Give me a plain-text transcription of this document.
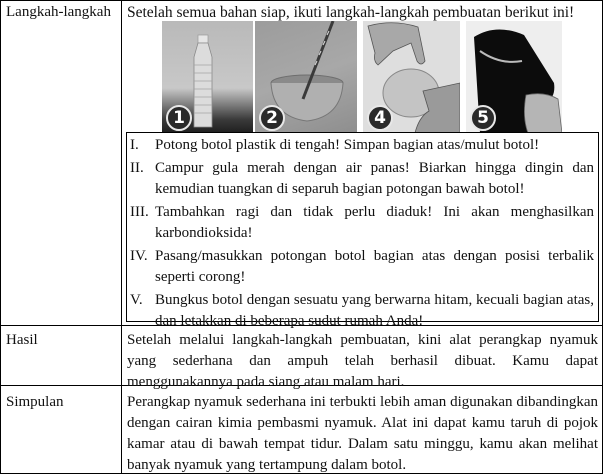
Langkah-langkah Setelah semua bahan siap, ikuti langkah-langkah pembuatan berikut ini!
1	2	4	5
I.	Potong botol plastik di tengah! Simpan bagian atas/mulut botol!
II. Campur gula merah dengan air panas! Biarkan hingga dingin dan kemudian tuangkan di separuh bagian potongan bawah botol!
III. Tambahkan ragi dan tidak perlu diaduk! Ini akan menghasilkan karbondioksida!
IV. Pasang/masukkan potongan botol bagian atas dengan posisi terbalik seperti corong!
V. Bungkus botol dengan sesuatu yang berwarna hitam, kecuali bagian atas, dan letakkan di beberapa sudut rumah Anda!
Hasil	Setelah melalui langkah-langkah pembuatan, kini alat perangkap nyamuk yang sederhana dan ampuh telah berhasil dibuat. Kamu dapat menggunakannya pada siang atau malam hari.
Simpulan	Perangkap nyamuk sederhana ini terbukti lebih aman digunakan dibandingkan dengan cairan kimia pembasmi nyamuk. Alat ini dapat kamu taruh di pojok kamar atau di bawah tempat tidur. Dalam satu minggu, kamu akan melihat banyak nyamuk yang tertampung dalam botol.
